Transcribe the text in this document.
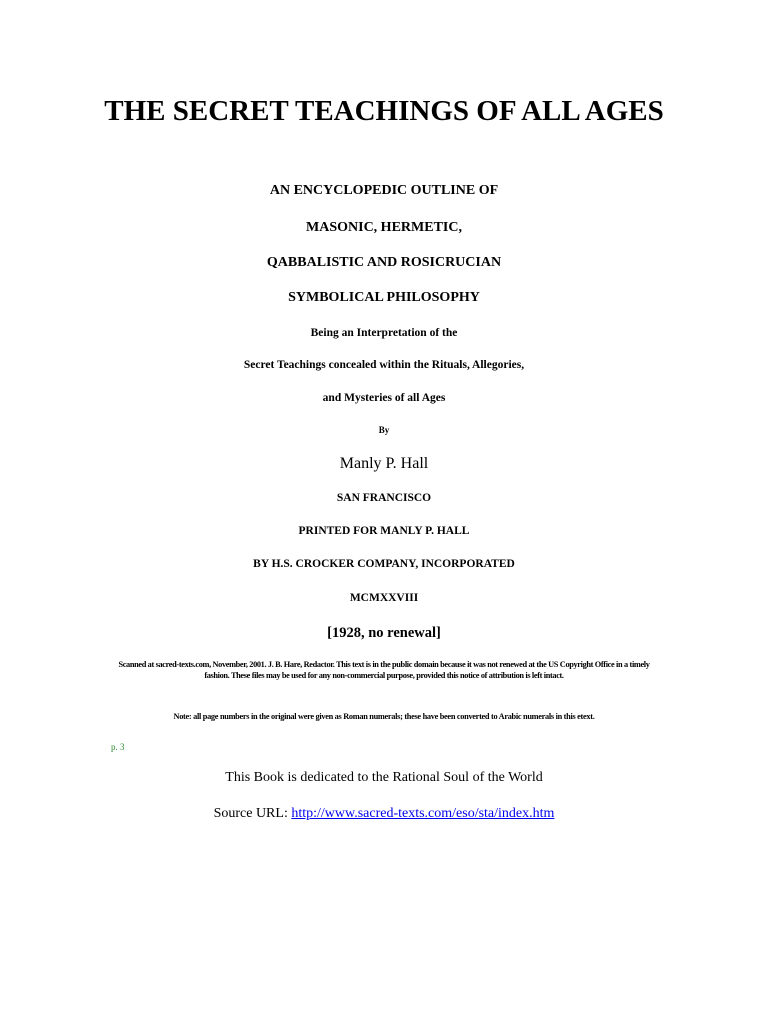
THE SECRET TEACHINGS OF ALL AGES

AN ENCYCLOPEDIC OUTLINE OF

MASONIC, HERMETIC,

QABBALISTIC AND ROSICRUCIAN

SYMBOLICAL PHILOSOPHY

Being an Interpretation of the

Secret Teachings concealed within the Rituals, Allegories,

and Mysteries of all Ages

By

Manly P. Hall

SAN FRANCISCO

PRINTED FOR MANLY P. HALL

BY H.S. CROCKER COMPANY, INCORPORATED

MCMXXVIII

[1928, no renewal]

Scanned at sacred-texts.com, November, 2001. J. B. Hare, Redactor. This text is in the public domain because it was not renewed at the US Copyright Office in a timely fashion. These files may be used for any non-commercial purpose, provided this notice of attribution is left intact.

Note: all page numbers in the original were given as Roman numerals; these have been converted to Arabic numerals in this etext.

p. 3

This Book is dedicated to the Rational Soul of the World

Source URL: http://www.sacred-texts.com/eso/sta/index.htm
